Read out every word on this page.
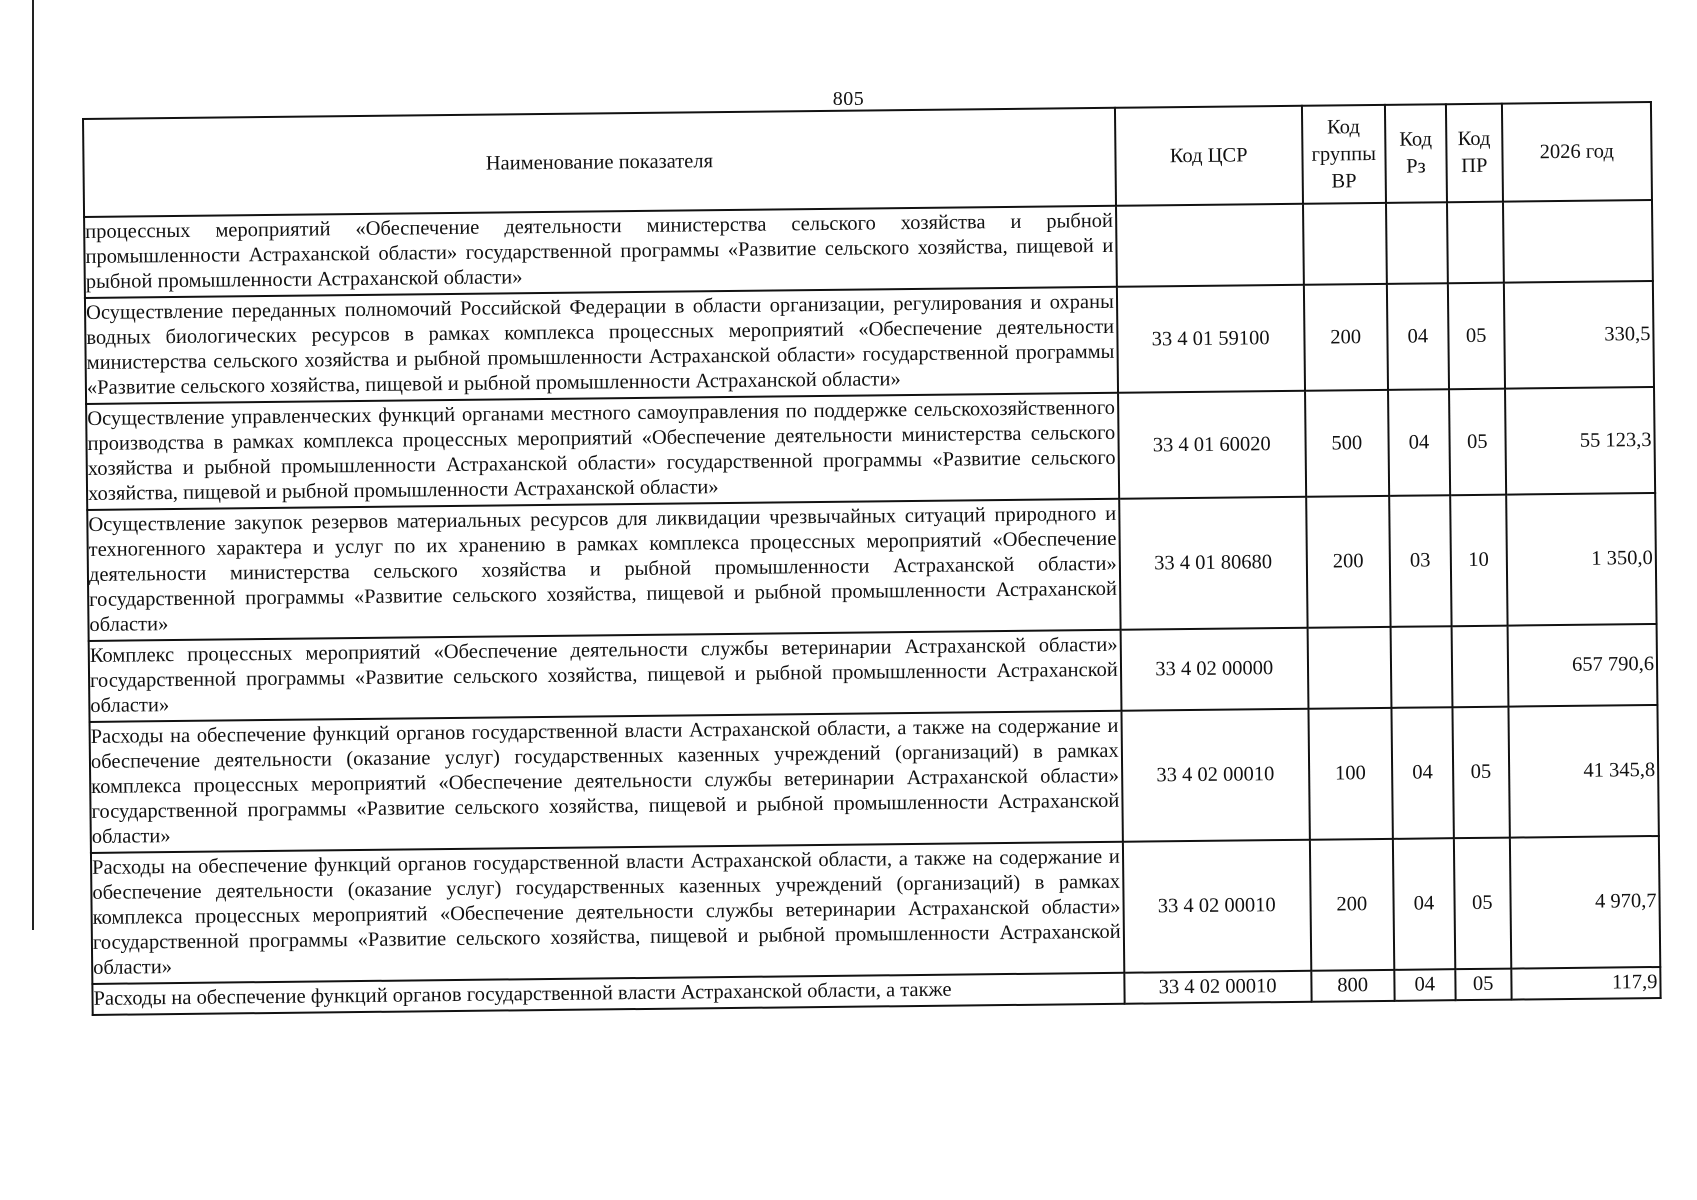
805
Наименование показателя	Код ЦСР	Код группы ВР	Код Рз	Код ПР	2026 год
процессных мероприятий «Обеспечение деятельности министерства сельского хозяйства и рыбной промышленности Астраханской области» государственной программы «Развитие сельского хозяйства, пищевой и рыбной промышленности Астраханской области»					
Осуществление переданных полномочий Российской Федерации в области организации, регулирования и охраны водных биологических ресурсов в рамках комплекса процессных мероприятий «Обеспечение деятельности министерства сельского хозяйства и рыбной промышленности Астраханской области» государственной программы «Развитие сельского хозяйства, пищевой и рыбной промышленности Астраханской области»	33 4 01 59100	200	04	05	330,5
Осуществление управленческих функций органами местного самоуправления по поддержке сельскохозяйственного производства в рамках комплекса процессных мероприятий «Обеспечение деятельности министерства сельского хозяйства и рыбной промышленности Астраханской области» государственной программы «Развитие сельского хозяйства, пищевой и рыбной промышленности Астраханской области»	33 4 01 60020	500	04	05	55 123,3
Осуществление закупок резервов материальных ресурсов для ликвидации чрезвычайных ситуаций природного и техногенного характера и услуг по их хранению в рамках комплекса процессных мероприятий «Обеспечение деятельности министерства сельского хозяйства и рыбной промышленности Астраханской области» государственной программы «Развитие сельского хозяйства, пищевой и рыбной промышленности Астраханской области»	33 4 01 80680	200	03	10	1 350,0
Комплекс процессных мероприятий «Обеспечение деятельности службы ветеринарии Астраханской области» государственной программы «Развитие сельского хозяйства, пищевой и рыбной промышленности Астраханской области»	33 4 02 00000				657 790,6
Расходы на обеспечение функций органов государственной власти Астраханской области, а также на содержание и обеспечение деятельности (оказание услуг) государственных казенных учреждений (организаций) в рамках комплекса процессных мероприятий «Обеспечение деятельности службы ветеринарии Астраханской области» государственной программы «Развитие сельского хозяйства, пищевой и рыбной промышленности Астраханской области»	33 4 02 00010	100	04	05	41 345,8
Расходы на обеспечение функций органов государственной власти Астраханской области, а также на содержание и обеспечение деятельности (оказание услуг) государственных казенных учреждений (организаций) в рамках комплекса процессных мероприятий «Обеспечение деятельности службы ветеринарии Астраханской области» государственной программы «Развитие сельского хозяйства, пищевой и рыбной промышленности Астраханской области»	33 4 02 00010	200	04	05	4 970,7
Расходы на обеспечение функций органов государственной власти Астраханской области, а также	33 4 02 00010	800	04	05	117,9
